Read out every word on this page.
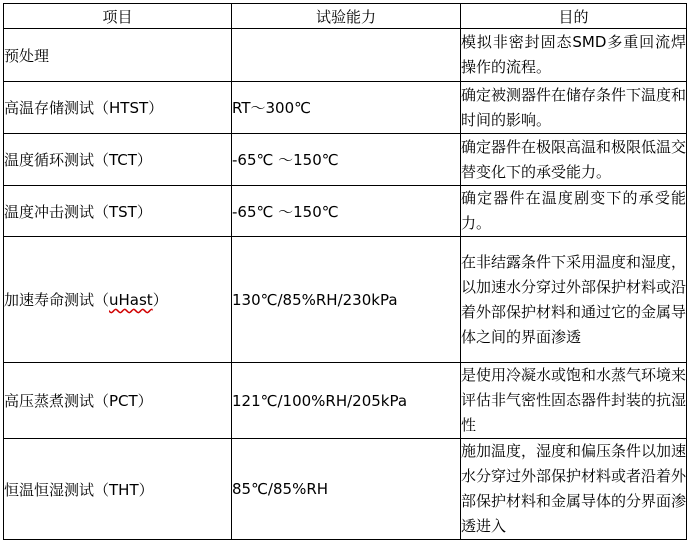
项目	试验能力	目的
预处理		模拟非密封固态SMD多重回流焊操作的流程。
高温存储测试（HTST）	RT～300℃	确定被测器件在储存条件下温度和时间的影响。
温度循环测试（TCT）	-65℃ ～150℃	确定器件在极限高温和极限低温交替变化下的承受能力。
温度冲击测试（TST）	-65℃ ～150℃	确定器件在温度剧变下的承受能力。
加速寿命测试（uHast）	130℃/85%RH/230kPa	在非结露条件下采用温度和湿度，以加速水分穿过外部保护材料或沿着外部保护材料和通过它的金属导体之间的界面渗透
高压蒸煮测试（PCT）	121℃/100%RH/205kPa	是使用冷凝水或饱和水蒸气环境来评估非气密性固态器件封装的抗湿性
恒温恒湿测试（THT）	85℃/85%RH	施加温度，湿度和偏压条件以加速水分穿过外部保护材料或者沿着外部保护材料和金属导体的分界面渗透进入
